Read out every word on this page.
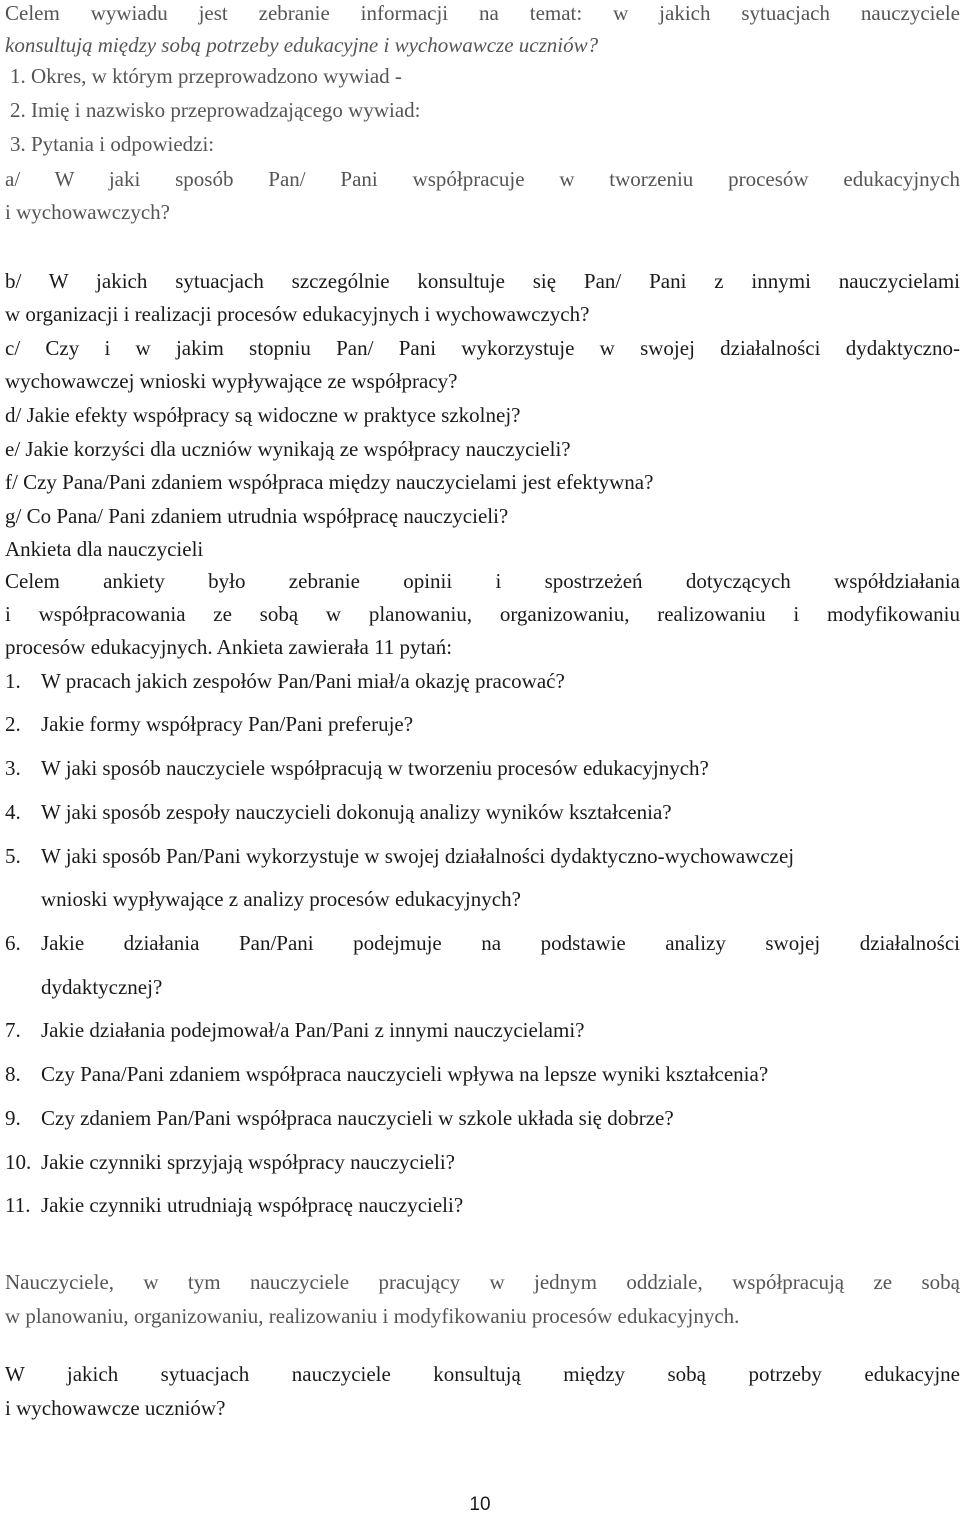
Celem wywiadu jest zebranie informacji na temat: w jakich sytuacjach nauczyciele
konsultują między sobą potrzeby edukacyjne i wychowawcze uczniów?
1. Okres, w którym przeprowadzono wywiad -
2. Imię i nazwisko przeprowadzającego wywiad:
3. Pytania i odpowiedzi:
a/ W jaki sposób Pan/ Pani współpracuje w tworzeniu procesów edukacyjnych
i wychowawczych?
b/ W jakich sytuacjach szczególnie konsultuje się Pan/ Pani z innymi nauczycielami
w organizacji i realizacji procesów edukacyjnych i wychowawczych?
c/ Czy i w jakim stopniu Pan/ Pani wykorzystuje w swojej działalności dydaktyczno-
wychowawczej wnioski wypływające ze współpracy?
d/ Jakie efekty współpracy są widoczne w praktyce szkolnej?
e/ Jakie korzyści dla uczniów wynikają ze współpracy nauczycieli?
f/ Czy Pana/Pani zdaniem współpraca między nauczycielami jest efektywna?
g/ Co Pana/ Pani zdaniem utrudnia współpracę nauczycieli?
Ankieta dla nauczycieli
Celem ankiety było zebranie opinii i spostrzeżeń dotyczących współdziałania
i współpracowania ze sobą w planowaniu, organizowaniu, realizowaniu i modyfikowaniu
procesów edukacyjnych. Ankieta zawierała 11 pytań:
1. W pracach jakich zespołów Pan/Pani miał/a okazję pracować?
2. Jakie formy współpracy Pan/Pani preferuje?
3. W jaki sposób nauczyciele współpracują w tworzeniu procesów edukacyjnych?
4. W jaki sposób zespoły nauczycieli dokonują analizy wyników kształcenia?
5. W jaki sposób Pan/Pani wykorzystuje w swojej działalności dydaktyczno-wychowawczej
wnioski wypływające z analizy procesów edukacyjnych?
6. Jakie działania Pan/Pani podejmuje na podstawie analizy swojej działalności
dydaktycznej?
7. Jakie działania podejmował/a Pan/Pani z innymi nauczycielami?
8. Czy Pana/Pani zdaniem współpraca nauczycieli wpływa na lepsze wyniki kształcenia?
9. Czy zdaniem Pan/Pani współpraca nauczycieli w szkole układa się dobrze?
10. Jakie czynniki sprzyjają współpracy nauczycieli?
11. Jakie czynniki utrudniają współpracę nauczycieli?
Nauczyciele, w tym nauczyciele pracujący w jednym oddziale, współpracują ze sobą
w planowaniu, organizowaniu, realizowaniu i modyfikowaniu procesów edukacyjnych.
W jakich sytuacjach nauczyciele konsultują między sobą potrzeby edukacyjne
i wychowawcze uczniów?
10
